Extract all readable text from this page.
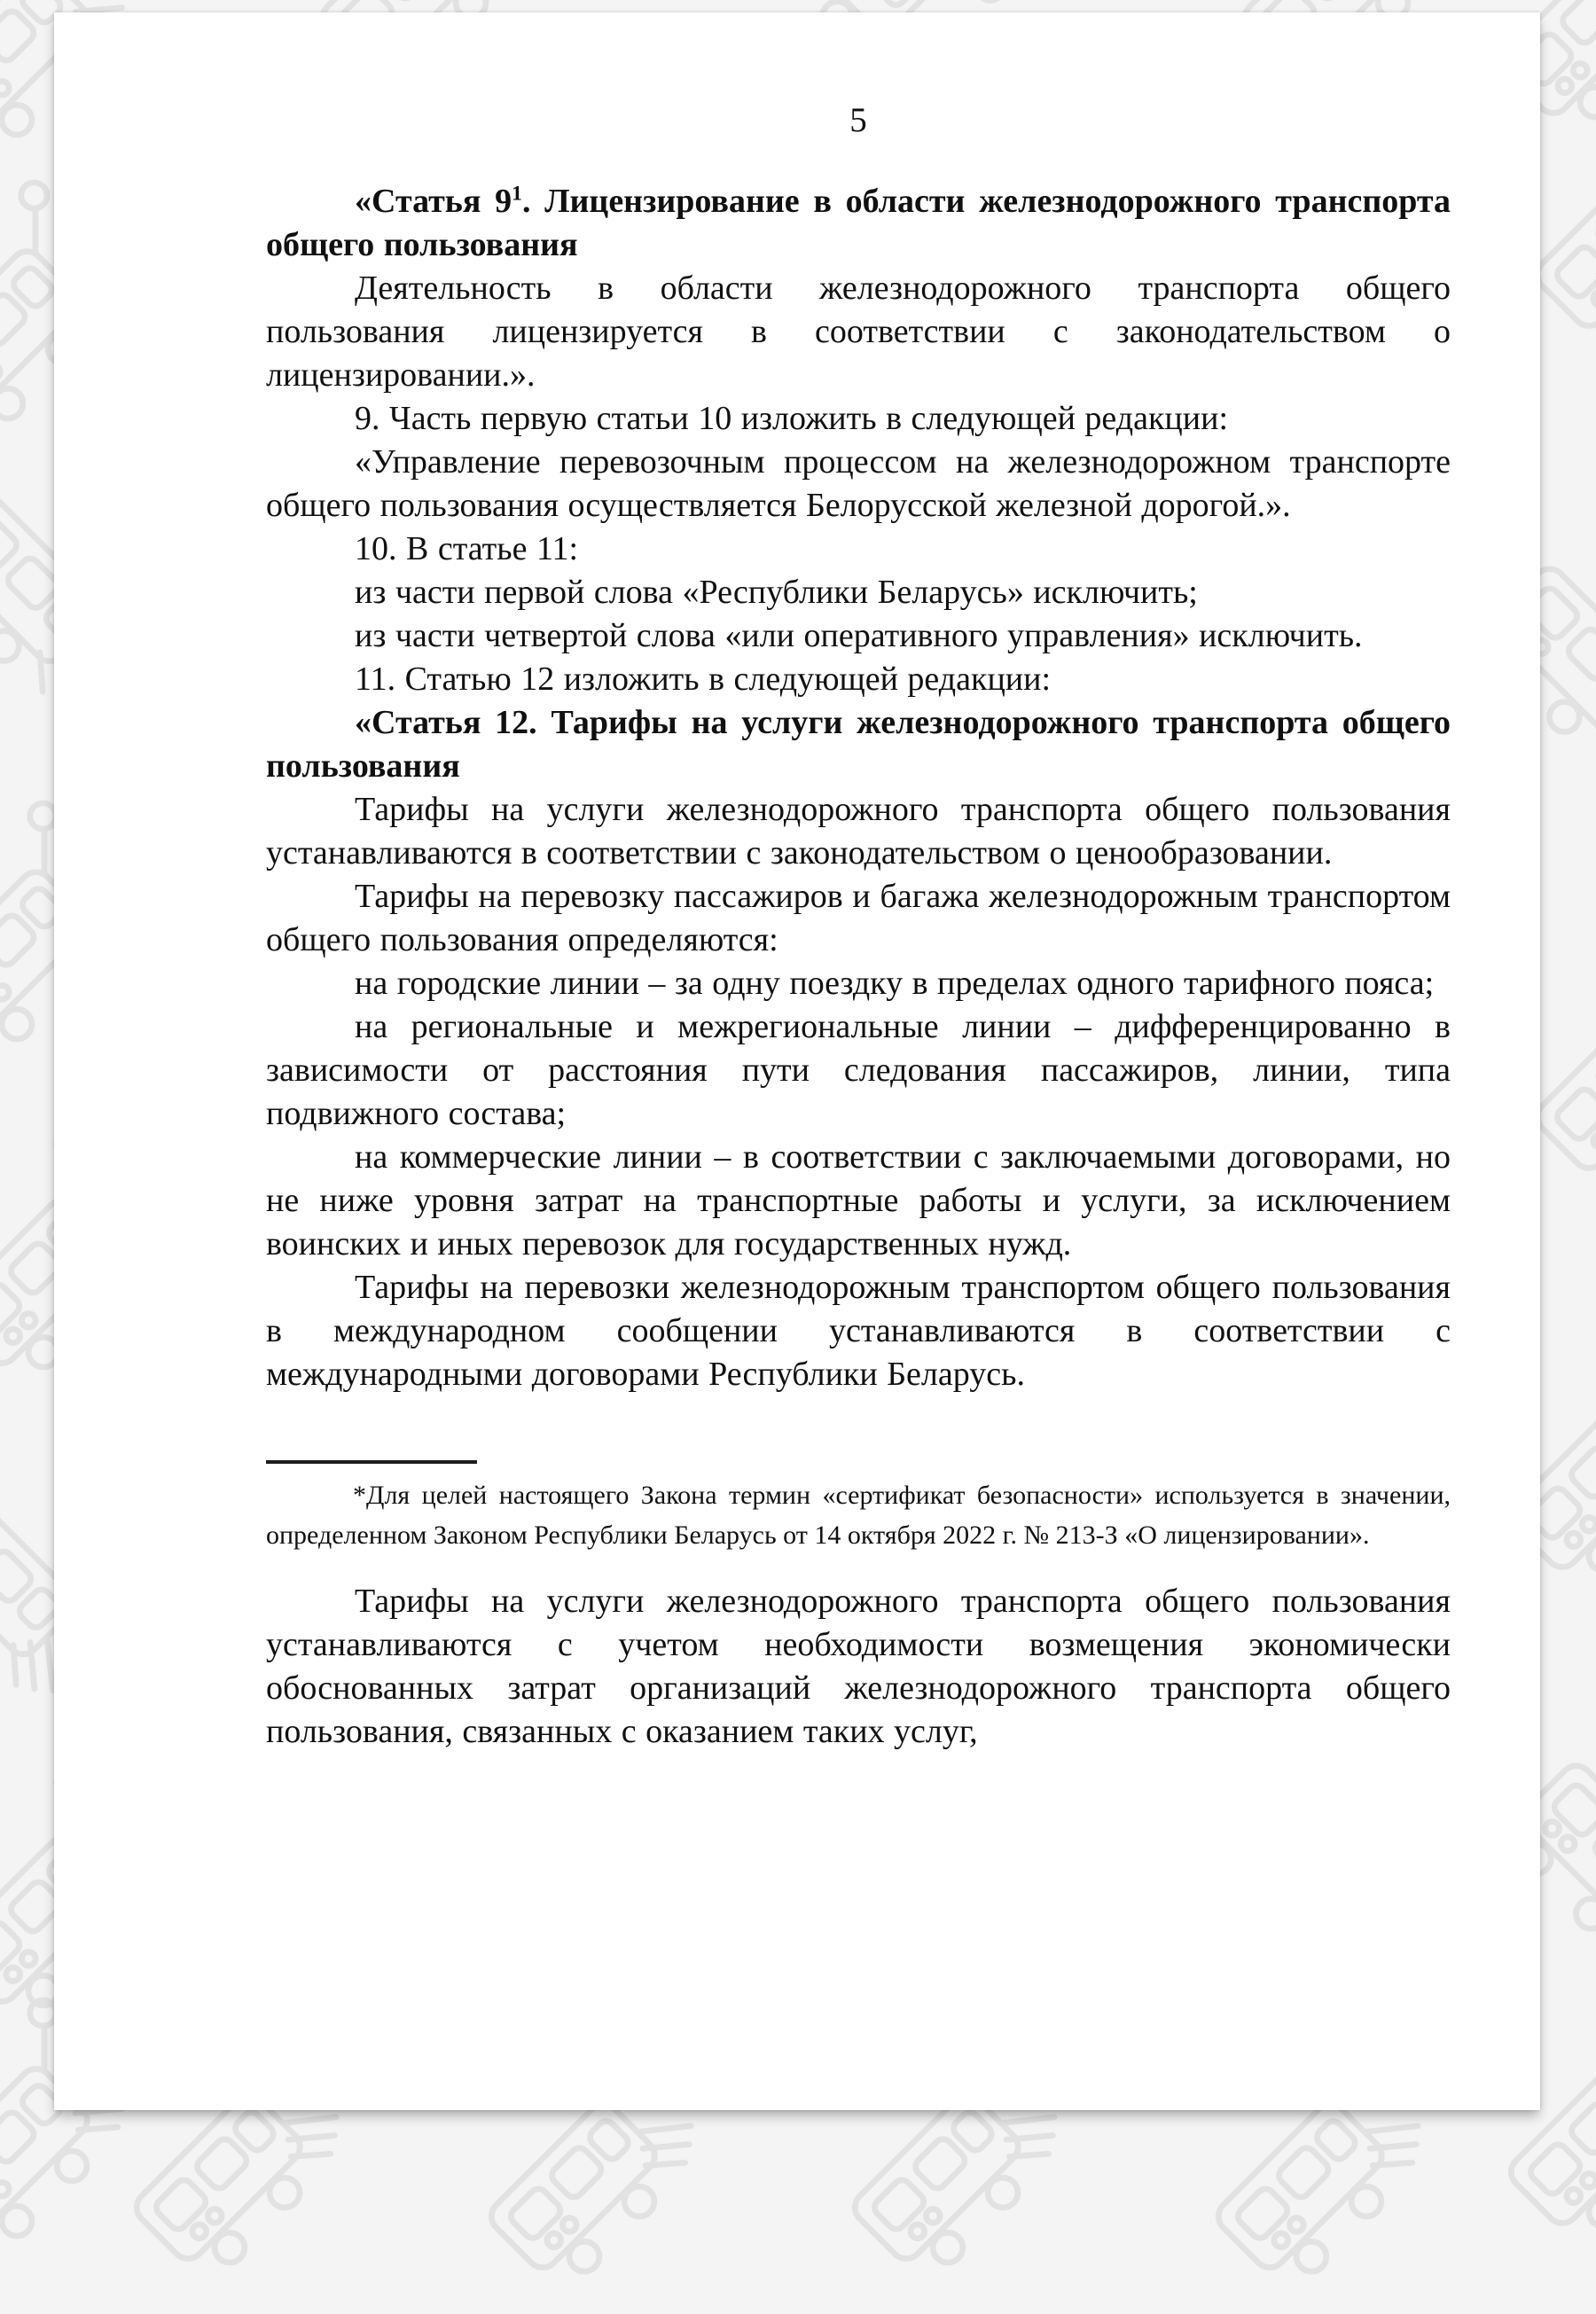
5

«Статья $9^1$. Лицензирование в области железнодорожного транспорта общего пользования

Деятельность в области железнодорожного транспорта общего пользования лицензируется в соответствии с законодательством о лицензировании.».

9. Часть первую статьи 10 изложить в следующей редакции:

«Управление перевозочным процессом на железнодорожном транспорте общего пользования осуществляется Белорусской железной дорогой.».

10. В статье 11:

из части первой слова «Республики Беларусь» исключить;

из части четвертой слова «или оперативного управления» исключить.

11. Статью 12 изложить в следующей редакции:

«Статья 12. Тарифы на услуги железнодорожного транспорта общего пользования

Тарифы на услуги железнодорожного транспорта общего пользования устанавливаются в соответствии с законодательством о ценообразовании.

Тарифы на перевозку пассажиров и багажа железнодорожным транспортом общего пользования определяются:

на городские линии – за одну поездку в пределах одного тарифного пояса;

на региональные и межрегиональные линии – дифференцированно в зависимости от расстояния пути следования пассажиров, линии, типа подвижного состава;

на коммерческие линии – в соответствии с заключаемыми договорами, но не ниже уровня затрат на транспортные работы и услуги, за исключением воинских и иных перевозок для государственных нужд.

Тарифы на перевозки железнодорожным транспортом общего пользования в международном сообщении устанавливаются в соответствии с международными договорами Республики Беларусь.

*Для целей настоящего Закона термин «сертификат безопасности» используется в значении, определенном Законом Республики Беларусь от 14 октября 2022 г. № 213-З «О лицензировании».

Тарифы на услуги железнодорожного транспорта общего пользования устанавливаются с учетом необходимости возмещения экономически обоснованных затрат организаций железнодорожного транспорта общего пользования, связанных с оказанием таких услуг,
